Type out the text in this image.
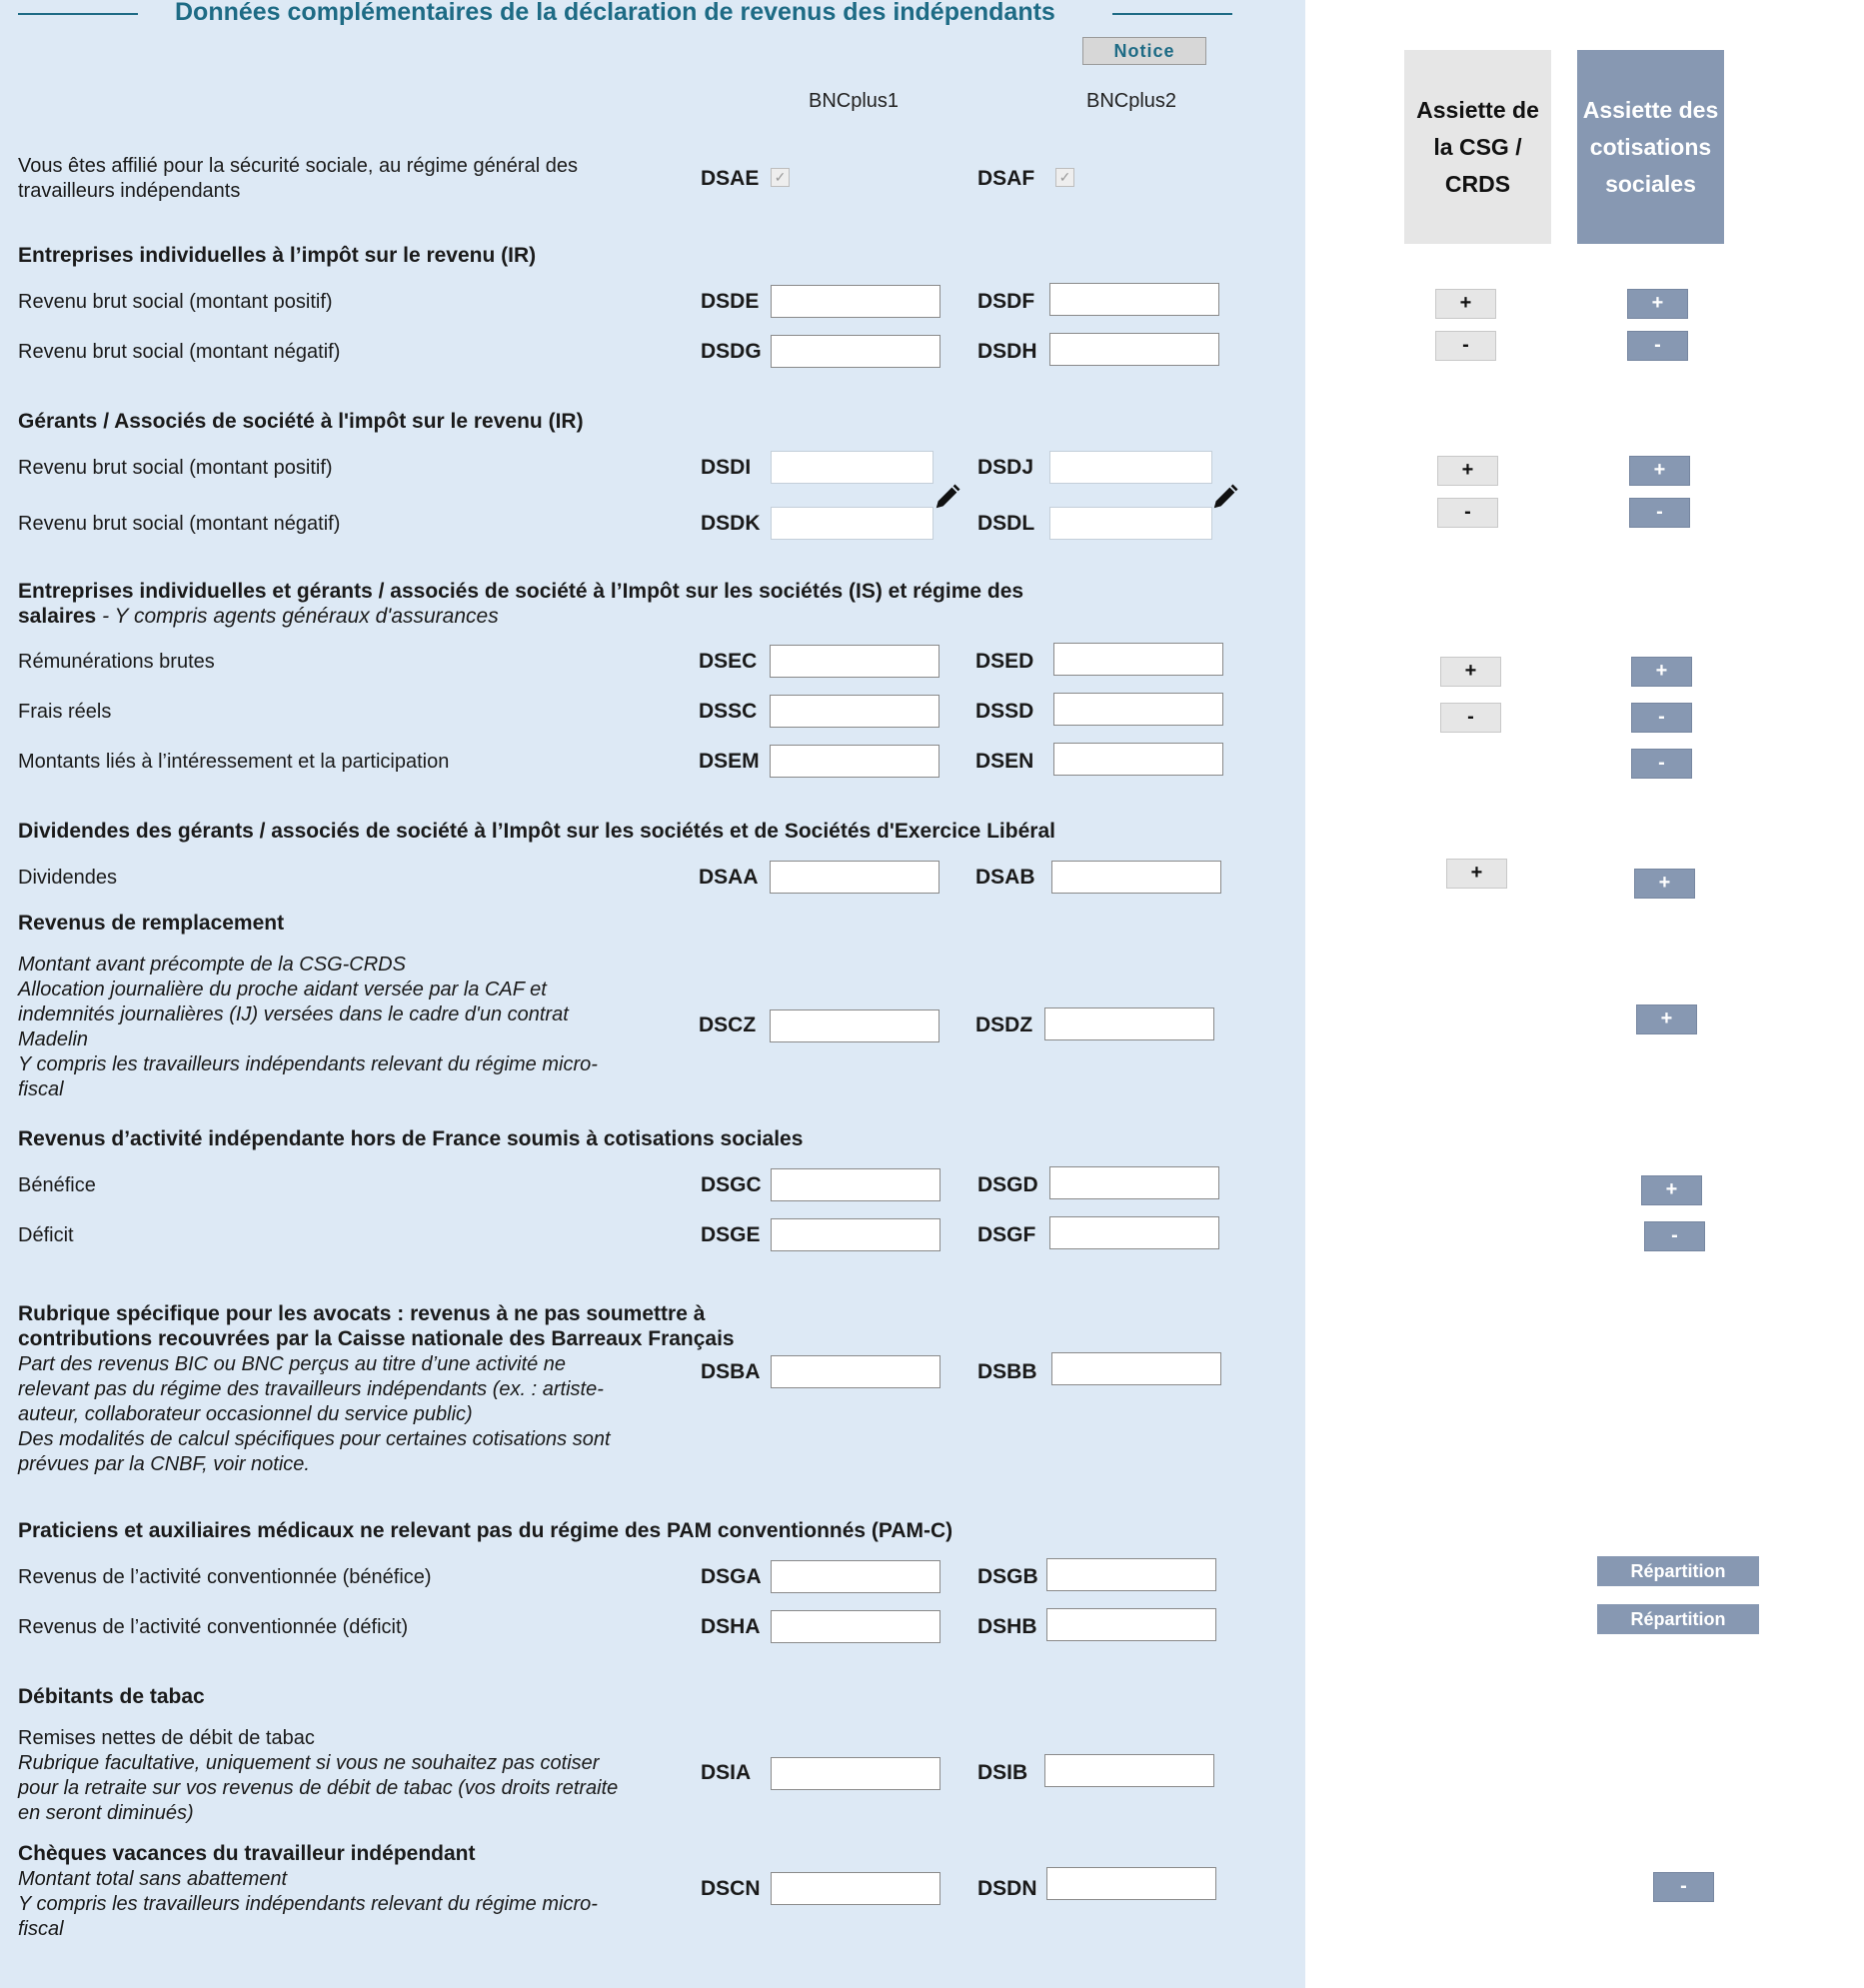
Données complémentaires de la déclaration de revenus des indépendants
Notice
BNCplus1	BNCplus2
Vous êtes affilié pour la sécurité sociale, au régime général des
travailleurs indépendants
DSAE ✓	DSAF ✓
Entreprises individuelles à l’impôt sur le revenu (IR)
Revenu brut social (montant positif)	DSDE	DSDF
Revenu brut social (montant négatif)	DSDG	DSDH
Gérants / Associés de société à l'impôt sur le revenu (IR)
Revenu brut social (montant positif)	DSDI	DSDJ
Revenu brut social (montant négatif)	DSDK	DSDL
Entreprises individuelles et gérants / associés de société à l’Impôt sur les sociétés (IS) et régime des
salaires - Y compris agents généraux d'assurances
Rémunérations brutes	DSEC	DSED
Frais réels	DSSC	DSSD
Montants liés à l’intéressement et la participation	DSEM	DSEN
Dividendes des gérants / associés de société à l’Impôt sur les sociétés et de Sociétés d'Exercice Libéral
Dividendes	DSAA	DSAB
Revenus de remplacement
Montant avant précompte de la CSG-CRDS
Allocation journalière du proche aidant versée par la CAF et
indemnités journalières (IJ) versées dans le cadre d'un contrat
Madelin
Y compris les travailleurs indépendants relevant du régime micro-
fiscal
DSCZ	DSDZ
Revenus d’activité indépendante hors de France soumis à cotisations sociales
Bénéfice	DSGC	DSGD
Déficit	DSGE	DSGF
Rubrique spécifique pour les avocats : revenus à ne pas soumettre à
contributions recouvrées par la Caisse nationale des Barreaux Français
Part des revenus BIC ou BNC perçus au titre d’une activité ne
relevant pas du régime des travailleurs indépendants (ex. : artiste-
auteur, collaborateur occasionnel du service public)
Des modalités de calcul spécifiques pour certaines cotisations sont
prévues par la CNBF, voir notice.
DSBA	DSBB
Praticiens et auxiliaires médicaux ne relevant pas du régime des PAM conventionnés (PAM-C)
Revenus de l’activité conventionnée (bénéfice)	DSGA	DSGB
Revenus de l’activité conventionnée (déficit)	DSHA	DSHB
Débitants de tabac
Remises nettes de débit de tabac
Rubrique facultative, uniquement si vous ne souhaitez pas cotiser
pour la retraite sur vos revenus de débit de tabac (vos droits retraite
en seront diminués)
DSIA	DSIB
Chèques vacances du travailleur indépendant
Montant total sans abattement
Y compris les travailleurs indépendants relevant du régime micro-
fiscal
DSCN	DSDN
Assiette de la CSG / CRDS
Assiette des cotisations sociales
+
-
+
-
+
-
+
+
-
+
-
+
-
-
+
+
+
-
-
Répartition
Répartition
